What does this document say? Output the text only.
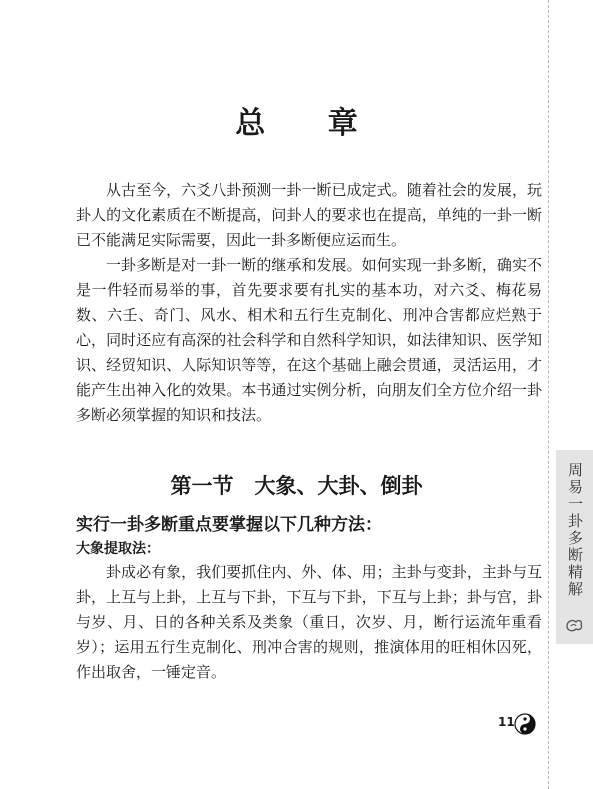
总 章

从古至今，六爻八卦预测一卦一断已成定式。随着社会的发展，玩卦人的文化素质在不断提高，问卦人的要求也在提高，单纯的一卦一断已不能满足实际需要，因此一卦多断便应运而生。

一卦多断是对一卦一断的继承和发展。如何实现一卦多断，确实不是一件轻而易举的事，首先要求要有扎实的基本功，对六爻、梅花易数、六壬、奇门、风水、相术和五行生克制化、刑冲合害都应烂熟于心，同时还应有高深的社会科学和自然科学知识，如法律知识、医学知识、经贸知识、人际知识等等，在这个基础上融会贯通，灵活运用，才能产生出神入化的效果。本书通过实例分析，向朋友们全方位介绍一卦多断必须掌握的知识和技法。

第一节　大象、大卦、倒卦
实行一卦多断重点要掌握以下几种方法：
大象提取法：

卦成必有象，我们要抓住内、外、体、用；主卦与变卦，主卦与互卦，上互与上卦，上互与下卦，下互与下卦，下互与上卦；卦与宫，卦与岁、月、日的各种关系及类象（重日，次岁、月，断行运流年重看岁）；运用五行生克制化、刑冲合害的规则，推演体用的旺相休囚死，作出取舍，一锤定音。

周易一卦多断精解
11
